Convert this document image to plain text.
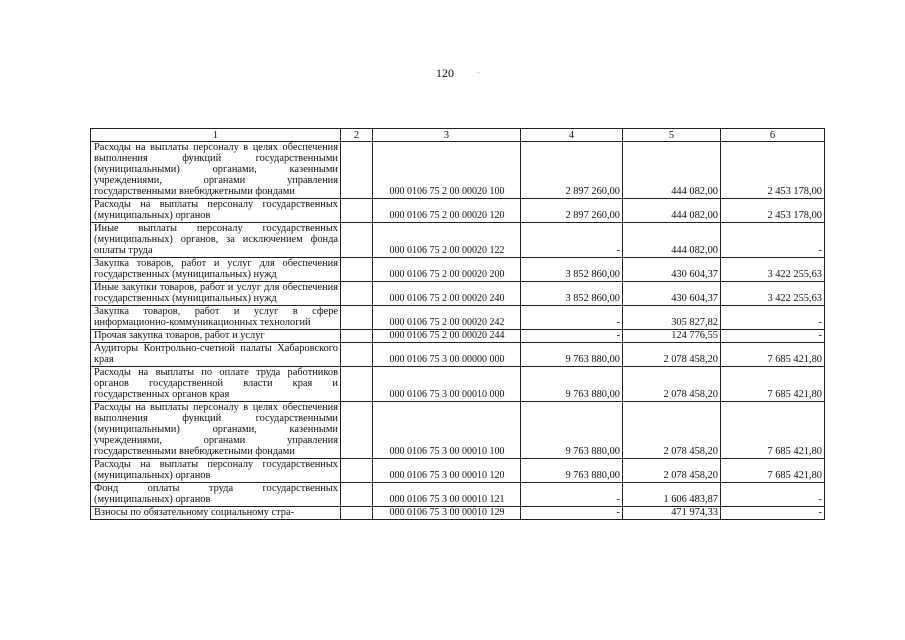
120	-
1	2	3	4	5	6
Расходы на выплаты персоналу в целях обеспечения выполнения функций государственными (муниципальными) органами, казенными учреждениями, органами управления государственными внебюджетными фондами		000 0106 75 2 00 00020 100	2 897 260,00	444 082,00	2 453 178,00
Расходы на выплаты персоналу государственных (муниципальных) органов		000 0106 75 2 00 00020 120	2 897 260,00	444 082,00	2 453 178,00
Иные выплаты персоналу государственных (муниципальных) органов, за исключением фонда оплаты труда		000 0106 75 2 00 00020 122	-	444 082,00	-
Закупка товаров, работ и услуг для обеспечения государственных (муниципальных) нужд		000 0106 75 2 00 00020 200	3 852 860,00	430 604,37	3 422 255,63
Иные закупки товаров, работ и услуг для обеспечения государственных (муниципальных) нужд		000 0106 75 2 00 00020 240	3 852 860,00	430 604,37	3 422 255,63
Закупка товаров, работ и услуг в сфере информационно-коммуникационных технологий		000 0106 75 2 00 00020 242	-	305 827,82	-
Прочая закупка товаров, работ и услуг		000 0106 75 2 00 00020 244	-	124 776,55	-
Аудиторы Контрольно-счетной палаты Хабаровского края		000 0106 75 3 00 00000 000	9 763 880,00	2 078 458,20	7 685 421,80
Расходы на выплаты по оплате труда работников органов государственной власти края и государственных органов края		000 0106 75 3 00 00010 000	9 763 880,00	2 078 458,20	7 685 421,80
Расходы на выплаты персоналу в целях обеспечения выполнения функций государственными (муниципальными) органами, казенными учреждениями, органами управления государственными внебюджетными фондами		000 0106 75 3 00 00010 100	9 763 880,00	2 078 458,20	7 685 421,80
Расходы на выплаты персоналу государственных (муниципальных) органов		000 0106 75 3 00 00010 120	9 763 880,00	2 078 458,20	7 685 421,80
Фонд оплаты труда государственных (муниципальных) органов		000 0106 75 3 00 00010 121	-	1 606 483,87	-
Взносы по обязательному социальному стра-		000 0106 75 3 00 00010 129	-	471 974,33	-
